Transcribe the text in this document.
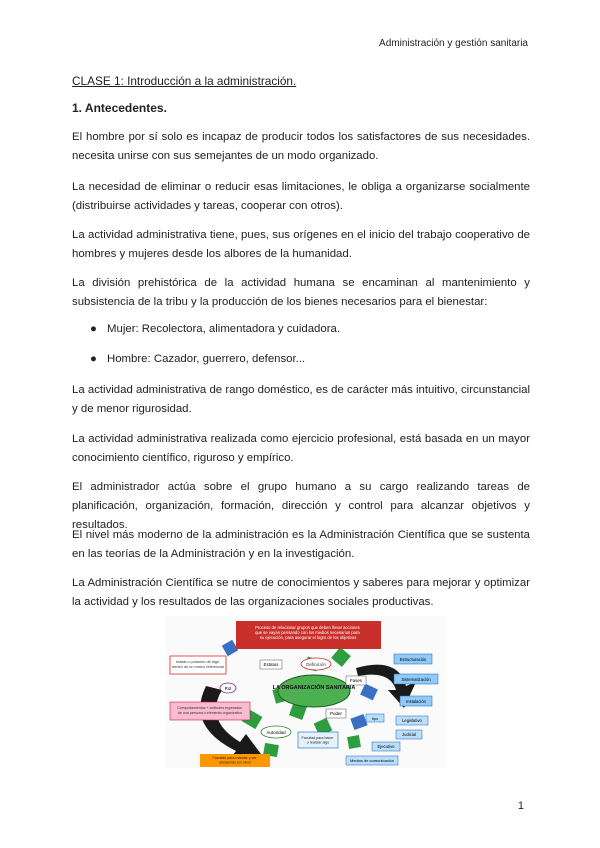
Administración y gestión sanitaria
CLASE 1: Introducción a la administración.
1. Antecedentes.
El hombre por sí solo es incapaz de producir todos los satisfactores de sus necesidades. necesita unirse con sus semejantes de un modo organizado.
La necesidad de eliminar o reducir esas limitaciones, le obliga a organizarse socialmente (distribuirse actividades y tareas, cooperar con otros).
La actividad administrativa tiene, pues, sus orígenes en el inicio del trabajo cooperativo de hombres y mujeres desde los albores de la humanidad.
La división prehistórica de la actividad humana se encaminan al mantenimiento y subsistencia de la tribu y la producción de los bienes necesarios para el bienestar:
● Mujer: Recolectora, alimentadora y cuidadora.
● Hombre: Cazador, guerrero, defensor...
La actividad administrativa de rango doméstico, es de carácter más intuitivo, circunstancial y de menor rigurosidad.
La actividad administrativa realizada como ejercicio profesional, está basada en un mayor conocimiento científico, riguroso y empírico.
El administrador actúa sobre el grupo humano a su cargo realizando tareas de planificación, organización, formación, dirección y control para alcanzar objetivos y resultados.
El nivel más moderno de la administración es la Administración Científica que se sustenta en las teorías de la Administración y en la investigación.
La Administración Científica se nutre de conocimientos y saberes para mejorar y optimizar la actividad y los resultados de las organizaciones sociales productivas.
Proceso de relacionar grupos que deben llevar acciones que se vayan pensando con los medios necesarios para su ejecución, para asegurar el logro de los objetivos
LA ORGANIZACIÓN SANITARIA
Definición
Estatus
estado o posición de algo dentro de un marco referencial
Rol
Comportamientos + actitudes esperados de una persona o elemento organizativo
Autoridad
Facultad para mandar y ser obedecido por otros
Facultad para hacer o realizar algo
Poder
Fases
Estructuración
Sistematización
Instalación
tipo	Legislativo
Judicial
Ejecutivo
Medios de comunicación
1
